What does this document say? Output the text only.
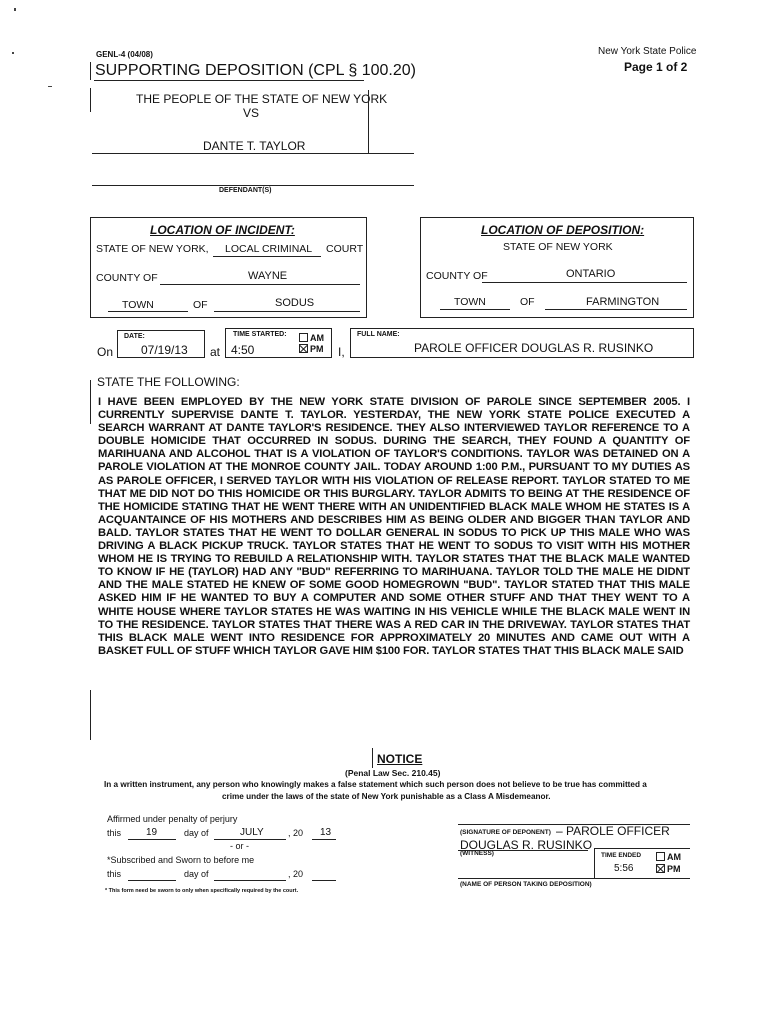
GENL-4 (04/08)	New York State Police
SUPPORTING DEPOSITION (CPL § 100.20)	Page 1 of 2
THE PEOPLE OF THE STATE OF NEW YORK
VS
DANTE T. TAYLOR
DEFENDANT(S)
LOCATION OF INCIDENT:
STATE OF NEW YORK, LOCAL CRIMINAL COURT
COUNTY OF	WAYNE
TOWN	OF	SODUS
LOCATION OF DEPOSITION:
STATE OF NEW YORK
COUNTY OF	ONTARIO
TOWN	OF	FARMINGTON
On
DATE:
07/19/13 at
TIME STARTED:
4:50
AM
PM I,
FULL NAME:
PAROLE OFFICER DOUGLAS R. RUSINKO
STATE THE FOLLOWING:

I HAVE BEEN EMPLOYED BY THE NEW YORK STATE DIVISION OF PAROLE SINCE SEPTEMBER 2005. I CURRENTLY SUPERVISE DANTE T. TAYLOR. YESTERDAY, THE NEW YORK STATE POLICE EXECUTED A SEARCH WARRANT AT DANTE TAYLOR'S RESIDENCE. THEY ALSO INTERVIEWED TAYLOR REFERENCE TO A DOUBLE HOMICIDE THAT OCCURRED IN SODUS. DURING THE SEARCH, THEY FOUND A QUANTITY OF MARIHUANA AND ALCOHOL THAT IS A VIOLATION OF TAYLOR'S CONDITIONS. TAYLOR WAS DETAINED ON A PAROLE VIOLATION AT THE MONROE COUNTY JAIL. TODAY AROUND 1:00 P.M., PURSUANT TO MY DUTIES AS AS PAROLE OFFICER, I SERVED TAYLOR WITH HIS VIOLATION OF RELEASE REPORT. TAYLOR STATED TO ME THAT ME DID NOT DO THIS HOMICIDE OR THIS BURGLARY. TAYLOR ADMITS TO BEING AT THE RESIDENCE OF THE HOMICIDE STATING THAT HE WENT THERE WITH AN UNIDENTIFIED BLACK MALE WHOM HE STATES IS A ACQUANTAINCE OF HIS MOTHERS AND DESCRIBES HIM AS BEING OLDER AND BIGGER THAN TAYLOR AND BALD. TAYLOR STATES THAT HE WENT TO DOLLAR GENERAL IN SODUS TO PICK UP THIS MALE WHO WAS DRIVING A BLACK PICKUP TRUCK. TAYLOR STATES THAT HE WENT TO SODUS TO VISIT WITH HIS MOTHER WHOM HE IS TRYING TO REBUILD A RELATIONSHIP WITH. TAYLOR STATES THAT THE BLACK MALE WANTED TO KNOW IF HE (TAYLOR) HAD ANY "BUD" REFERRING TO MARIHUANA. TAYLOR TOLD THE MALE HE DIDNT AND THE MALE STATED HE KNEW OF SOME GOOD HOMEGROWN "BUD". TAYLOR STATED THAT THIS MALE ASKED HIM IF HE WANTED TO BUY A COMPUTER AND SOME OTHER STUFF AND THAT THEY WENT TO A WHITE HOUSE WHERE TAYLOR STATES HE WAS WAITING IN HIS VEHICLE WHILE THE BLACK MALE WENT IN TO THE RESIDENCE. TAYLOR STATES THAT THERE WAS A RED CAR IN THE DRIVEWAY. TAYLOR STATES THAT THIS BLACK MALE WENT INTO RESIDENCE FOR APPROXIMATELY 20 MINUTES AND CAME OUT WITH A BASKET FULL OF STUFF WHICH TAYLOR GAVE HIM $100 FOR. TAYLOR STATES THAT THIS BLACK MALE SAID

NOTICE
(Penal Law Sec. 210.45)
In a written instrument, any person who knowingly makes a false statement which such person does not believe to be true has committed a
crime under the laws of the state of New York punishable as a Class A Misdemeanor.
Affirmed under penalty of perjury
this 19	day of	JULY	, 20 13
- or -
*Subscribed and Sworn to before me
this	day of	, 20
* This form need be sworn to only when specifically required by the court.
(SIGNATURE OF DEPONENT) – PAROLE OFFICER
DOUGLAS R. RUSINKO
(WITNESS)	TIME ENDED
5:56
AM
PM
(NAME OF PERSON TAKING DEPOSITION)
